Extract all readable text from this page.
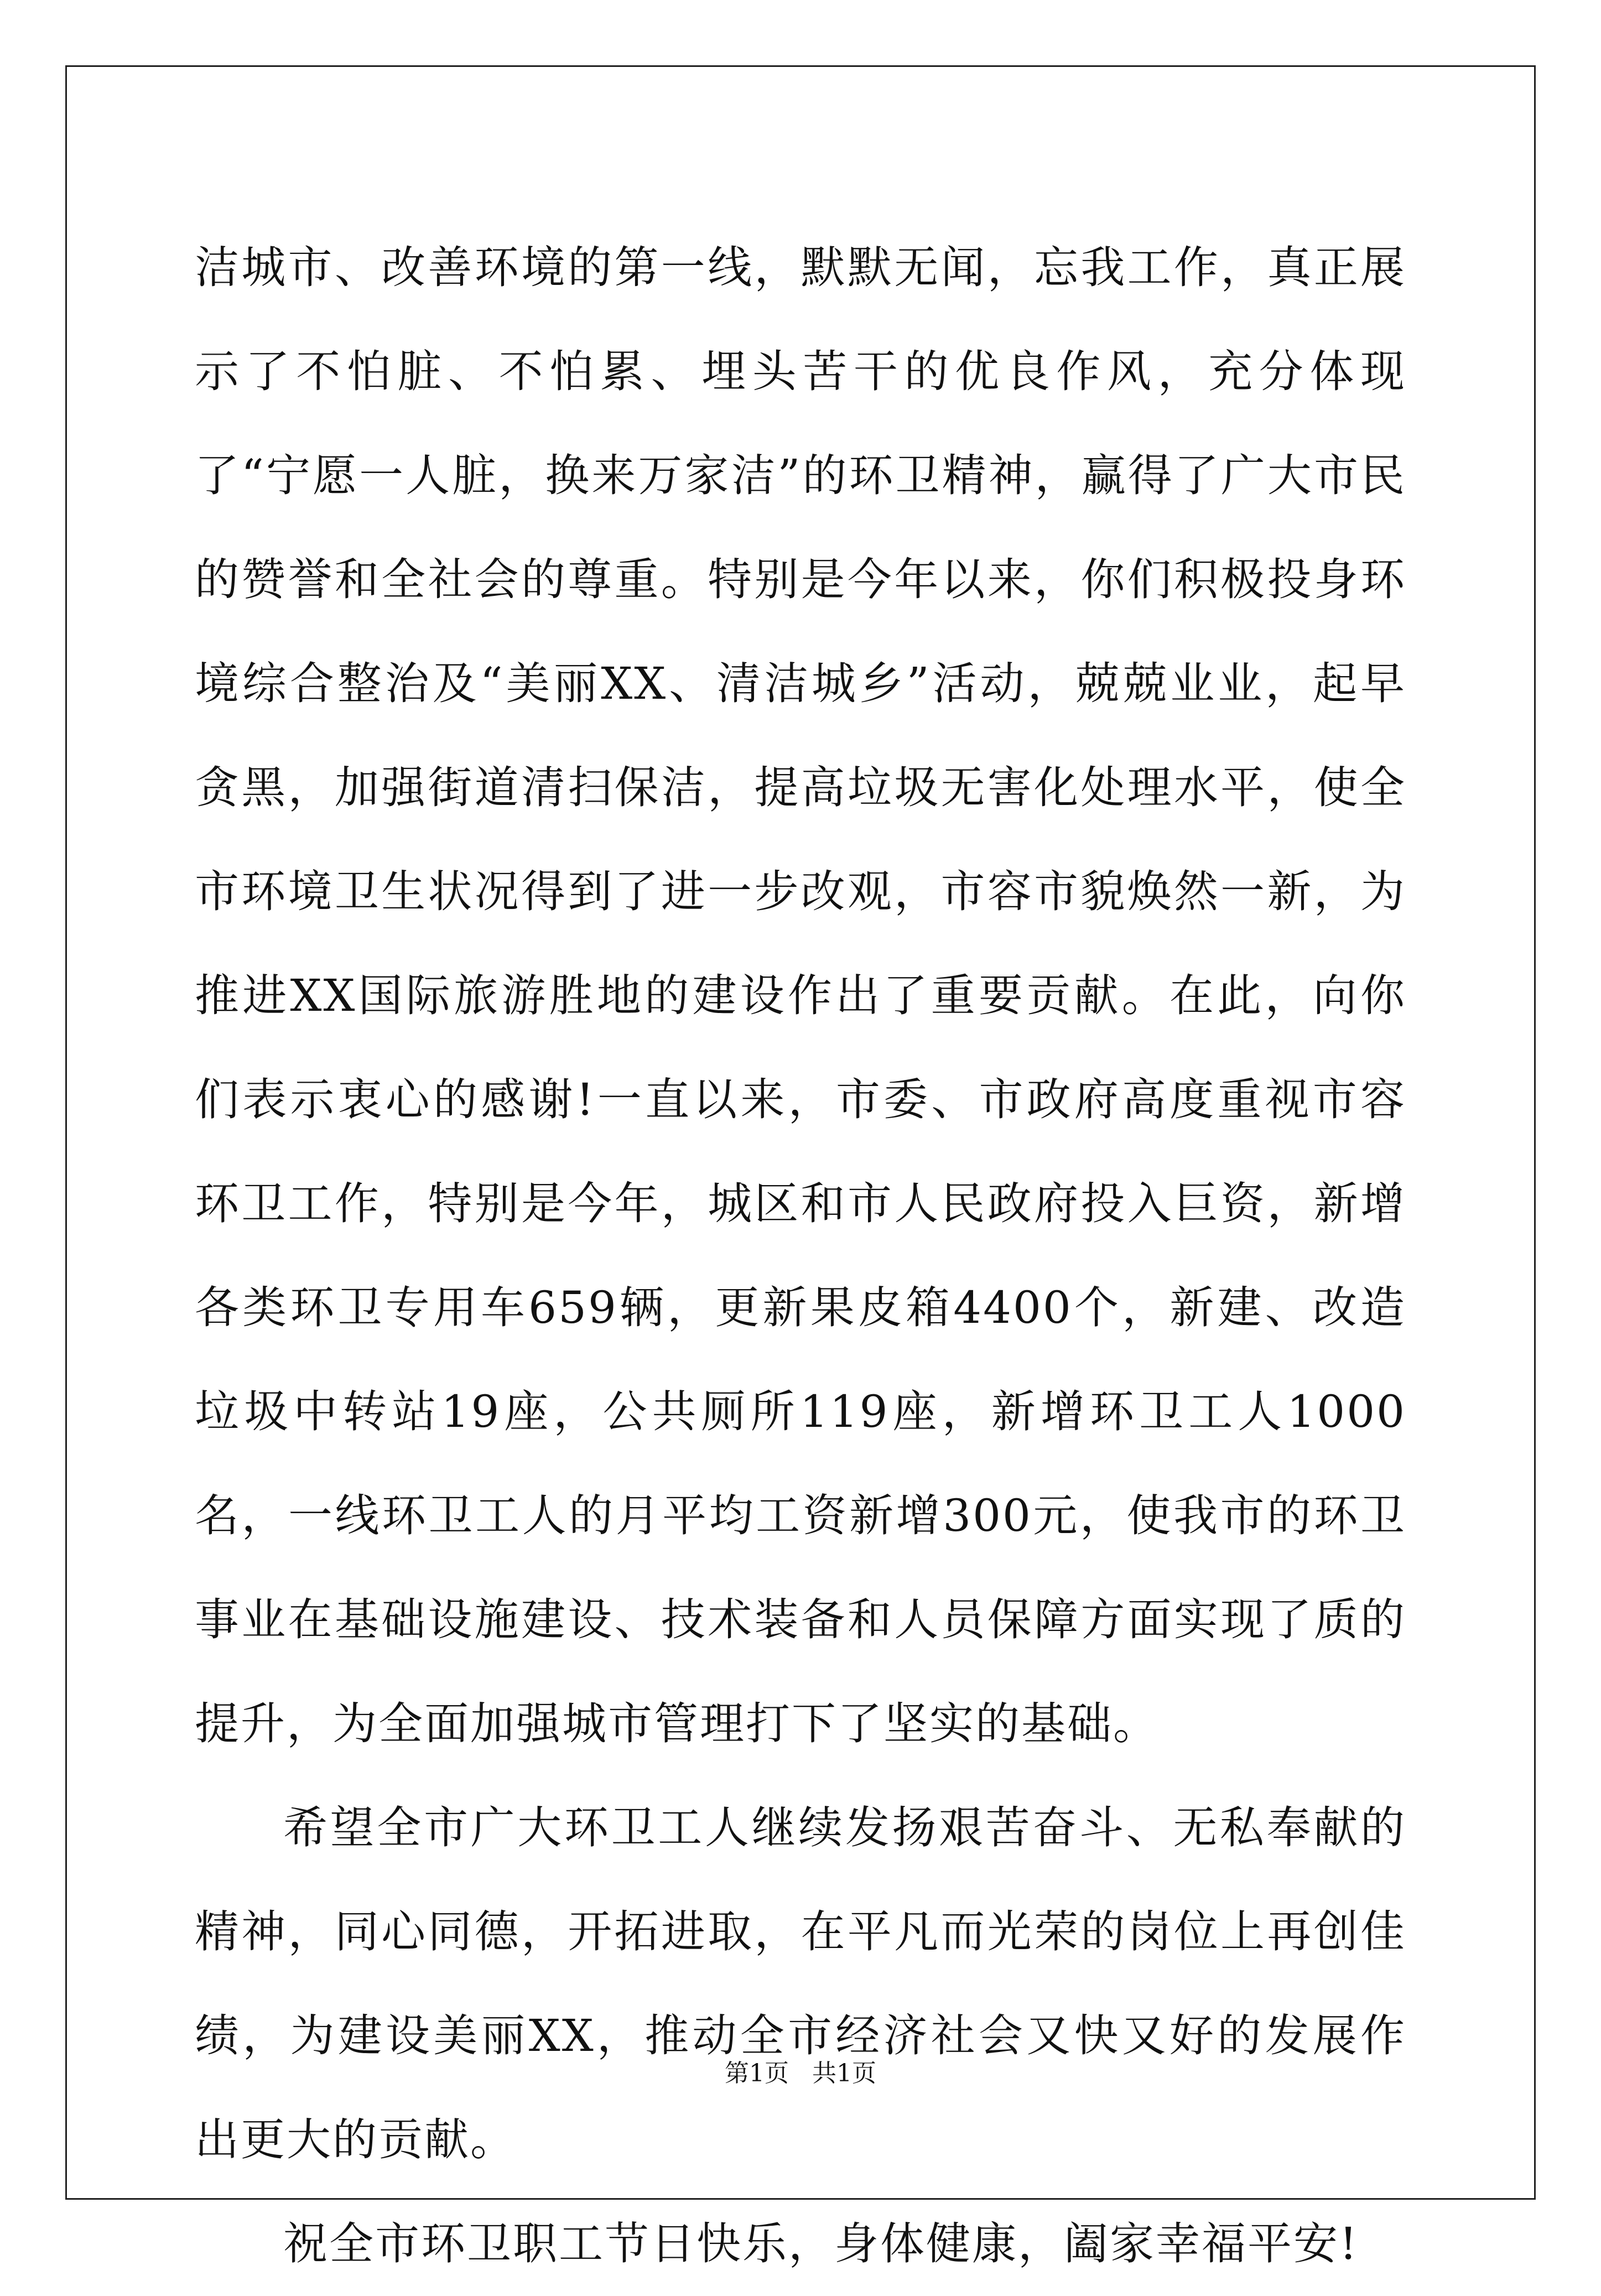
洁城市、改善环境的第一线，默默无闻，忘我工作，真正展示了不怕脏、不怕累、埋头苦干的优良作风，充分体现了“宁愿一人脏，换来万家洁”的环卫精神，赢得了广大市民的赞誉和全社会的尊重。特别是今年以来，你们积极投身环境综合整治及“美丽XX、清洁城乡”活动，兢兢业业，起早贪黑，加强街道清扫保洁，提高垃圾无害化处理水平，使全市环境卫生状况得到了进一步改观，市容市貌焕然一新，为推进XX国际旅游胜地的建设作出了重要贡献。在此，向你们表示衷心的感谢!一直以来，市委、市政府高度重视市容环卫工作，特别是今年，城区和市人民政府投入巨资，新增各类环卫专用车659辆，更新果皮箱4400个，新建、改造垃圾中转站19座，公共厕所119座，新增环卫工人1000名，一线环卫工人的月平均工资新增300元，使我市的环卫事业在基础设施建设、技术装备和人员保障方面实现了质的提升，为全面加强城市管理打下了坚实的基础。

希望全市广大环卫工人继续发扬艰苦奋斗、无私奉献的精神，同心同德，开拓进取，在平凡而光荣的岗位上再创佳绩，为建设美丽XX，推动全市经济社会又快又好的发展作出更大的贡献。

祝全市环卫职工节日快乐，身体健康，阖家幸福平安!

第1页   共1页
